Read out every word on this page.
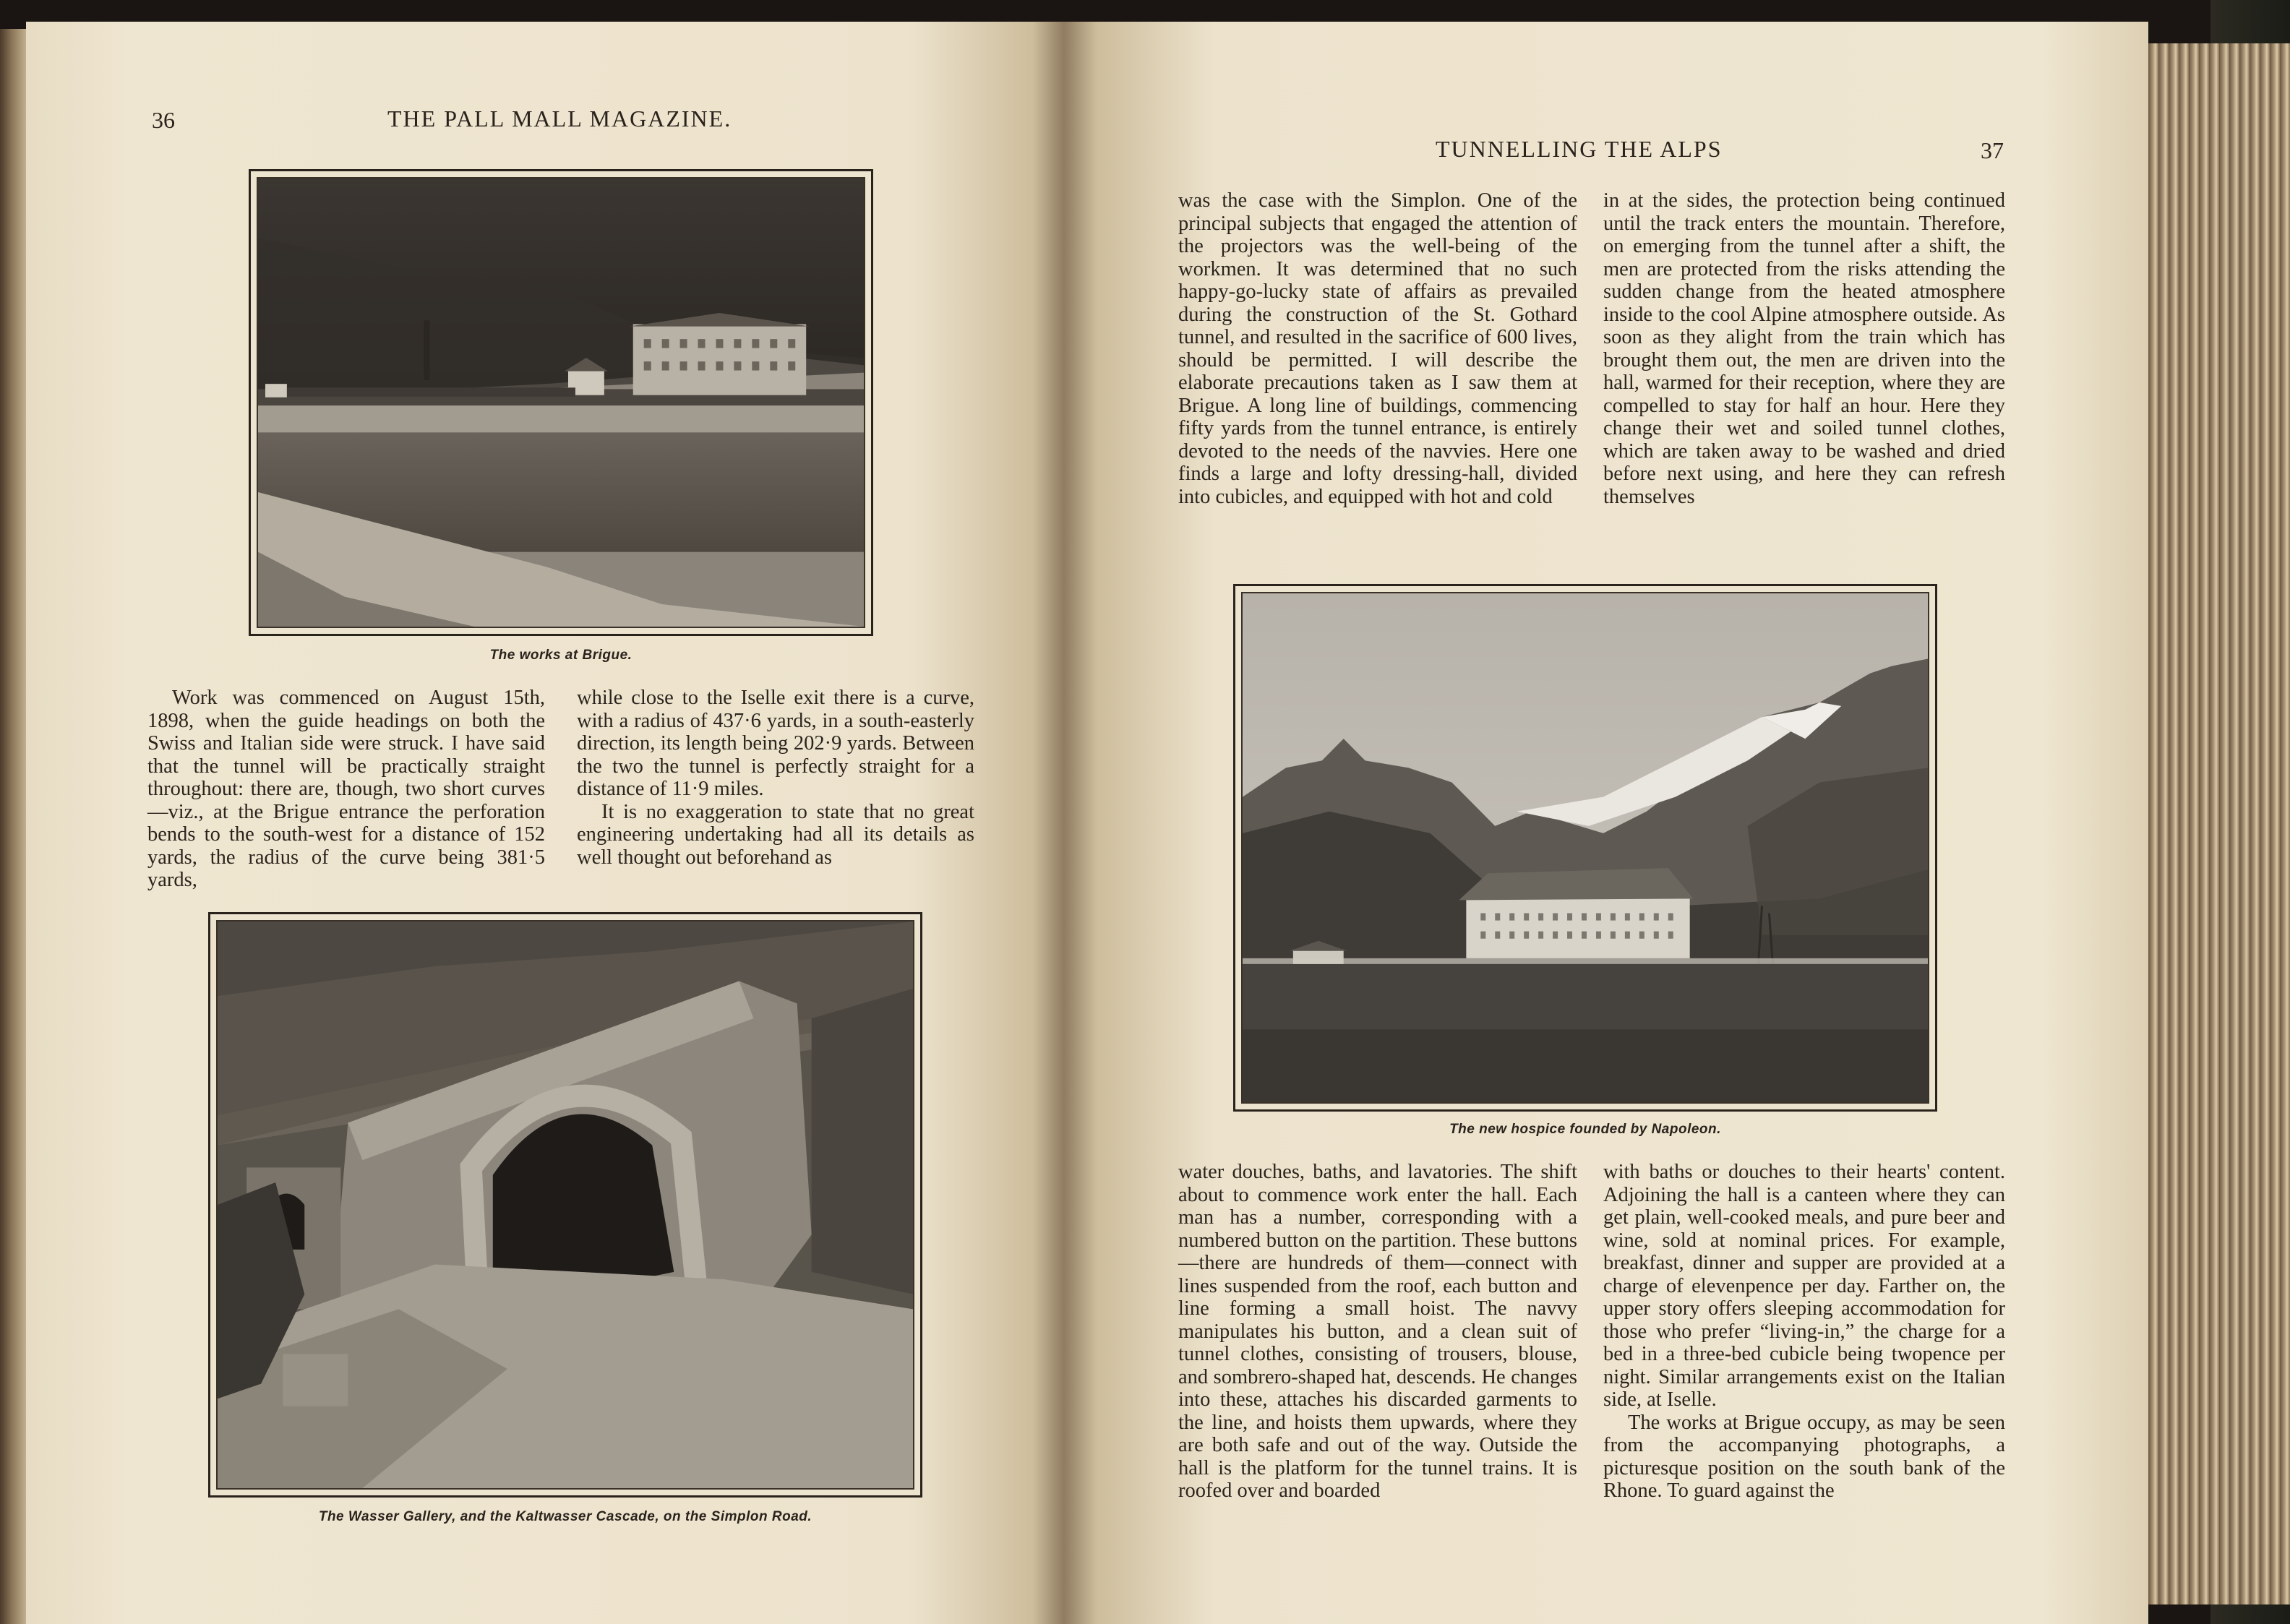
36	THE PALL MALL MAGAZINE.
The works at Brigue.

Work was commenced on August 15th, 1898, when the guide headings on both the Swiss and Italian side were struck. I have said that the tunnel will be practically straight throughout: there are, though, two short curves—viz., at the Brigue entrance the perforation bends to the south-west for a distance of 152 yards, the radius of the curve being 381·5 yards,

while close to the Iselle exit there is a curve, with a radius of 437·6 yards, in a south-easterly direction, its length being 202·9 yards. Between the two the tunnel is perfectly straight for a distance of 11·9 miles.

It is no exaggeration to state that no great engineering undertaking had all its details as well thought out beforehand as

The Wasser Gallery, and the Kaltwasser Cascade, on the Simplon Road.
TUNNELLING THE ALPS	37

was the case with the Simplon. One of the principal subjects that engaged the attention of the projectors was the well-being of the workmen. It was determined that no such happy-go-lucky state of affairs as prevailed during the construction of the St. Gothard tunnel, and resulted in the sacrifice of 600 lives, should be permitted. I will describe the elaborate precautions taken as I saw them at Brigue. A long line of buildings, commencing fifty yards from the tunnel entrance, is entirely devoted to the needs of the navvies. Here one finds a large and lofty dressing-hall, divided into cubicles, and equipped with hot and cold

in at the sides, the protection being continued until the track enters the mountain. Therefore, on emerging from the tunnel after a shift, the men are protected from the risks attending the sudden change from the heated atmosphere inside to the cool Alpine atmosphere outside. As soon as they alight from the train which has brought them out, the men are driven into the hall, warmed for their reception, where they are compelled to stay for half an hour. Here they change their wet and soiled tunnel clothes, which are taken away to be washed and dried before next using, and here they can refresh themselves

The new hospice founded by Napoleon.

water douches, baths, and lavatories. The shift about to commence work enter the hall. Each man has a number, corresponding with a numbered button on the partition. These buttons—there are hundreds of them—connect with lines suspended from the roof, each button and line forming a small hoist. The navvy manipulates his button, and a clean suit of tunnel clothes, consisting of trousers, blouse, and sombrero-shaped hat, descends. He changes into these, attaches his discarded garments to the line, and hoists them upwards, where they are both safe and out of the way. Outside the hall is the platform for the tunnel trains. It is roofed over and boarded

with baths or douches to their hearts' content. Adjoining the hall is a canteen where they can get plain, well-cooked meals, and pure beer and wine, sold at nominal prices. For example, breakfast, dinner and supper are provided at a charge of elevenpence per day. Farther on, the upper story offers sleeping accommodation for those who prefer “living-in,” the charge for a bed in a three-bed cubicle being twopence per night. Similar arrangements exist on the Italian side, at Iselle.

The works at Brigue occupy, as may be seen from the accompanying photographs, a picturesque position on the south bank of the Rhone. To guard against the
